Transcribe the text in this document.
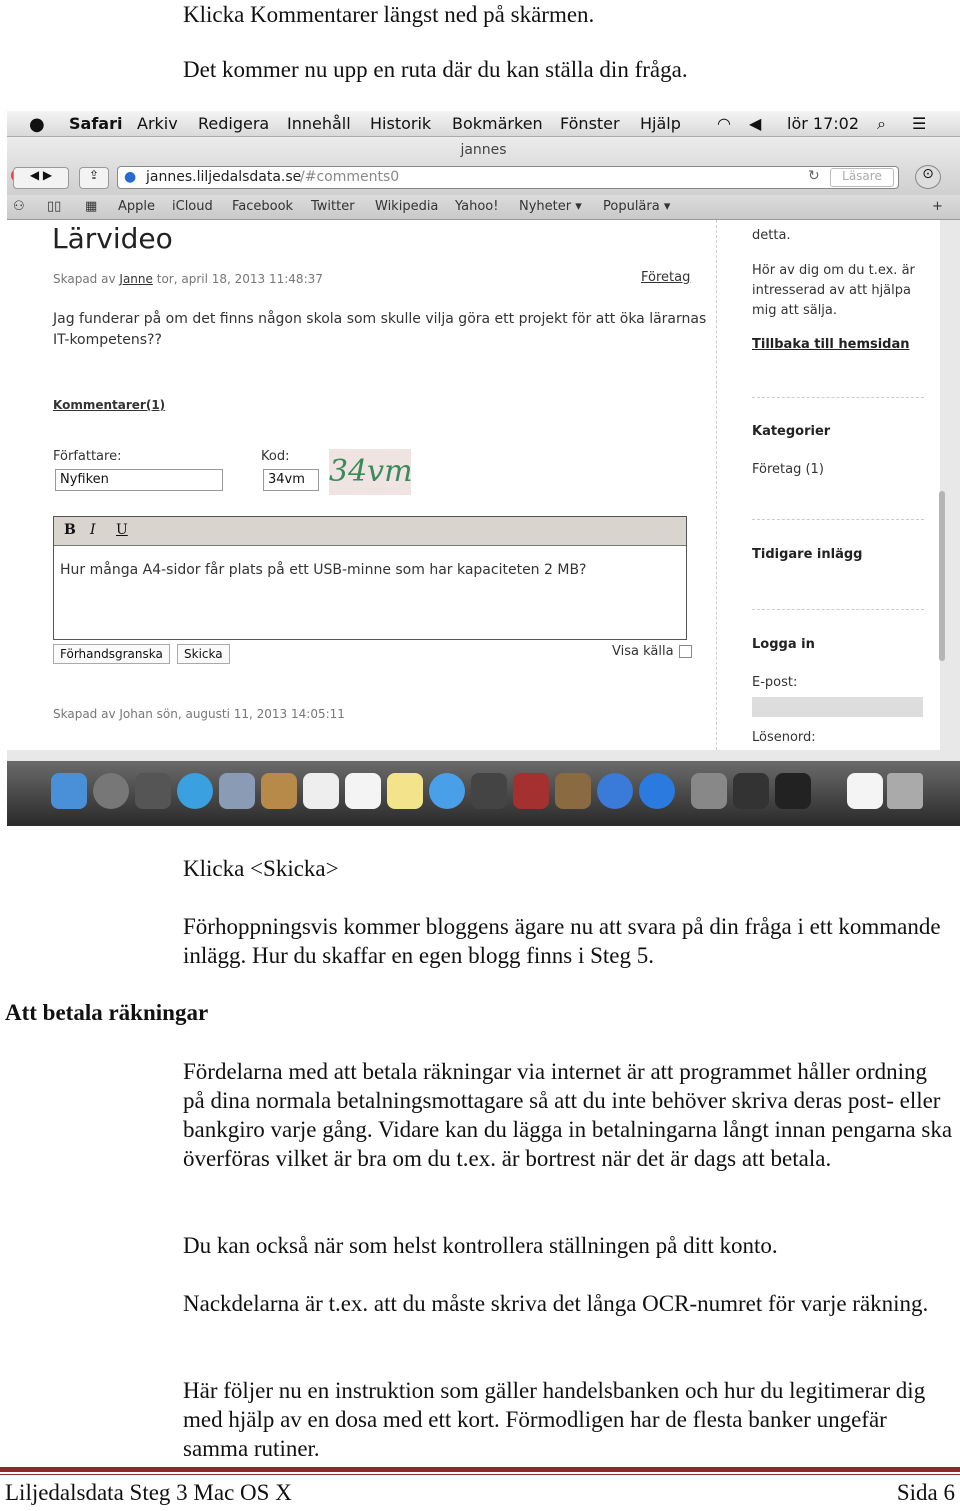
Klicka Kommentarer längst ned på skärmen.

Det kommer nu upp en ruta där du kan ställa din fråga.

● Safari Arkiv Redigera Innehåll Historik Bokmärken Fönster Hjälp ◠ ◀ lör 17:02 ⌕ ☰
jannes
◀ ▶	⇪	● jannes.liljedalsdata.se
/#comments0	↻	Läsare	⊙
⚇ ▯▯ ▦ Apple iCloud Facebook Twitter Wikipedia Yahoo! Nyheter ▾ Populära ▾	+
Lärvideo
Skapad av Janne tor, april 18, 2013 11:48:37	Företag
Jag funderar på om det finns någon skola som skulle vilja göra ett projekt för att öka lärarnas
IT-kompetens??
Kommentarer(1)
Författare:
Nyfiken
Kod:
34vm 34vm
B I U
Hur många A4-sidor får plats på ett USB-minne som har kapaciteten 2 MB?
Förhandsgranska	Skicka	Visa källa
Skapad av Johan sön, augusti 11, 2013 14:05:11
detta.
Hör av dig om du t.ex. är intresserad av att hjälpa mig att sälja.
Tillbaka till hemsidan
Kategorier
Företag (1)
Tidigare inlägg
Logga in
E-post:
Lösenord:

Klicka <Skicka>

Förhoppningsvis kommer bloggens ägare nu att svara på din fråga i ett kommande inlägg. Hur du skaffar en egen blogg finns i Steg 5.

Att betala räkningar

Fördelarna med att betala räkningar via internet är att programmet håller ordning på dina normala betalningsmottagare så att du inte behöver skriva deras post- eller bankgiro varje gång. Vidare kan du lägga in betalningarna långt innan pengarna ska överföras vilket är bra om du t.ex. är bortrest när det är dags att betala.

Du kan också när som helst kontrollera ställningen på ditt konto.

Nackdelarna är t.ex. att du måste skriva det långa OCR-numret för varje räkning.

Här följer nu en instruktion som gäller handelsbanken och hur du legitimerar dig med hjälp av en dosa med ett kort. Förmodligen har de flesta banker ungefär samma rutiner.

Liljedalsdata Steg 3 Mac OS X	Sida 6
